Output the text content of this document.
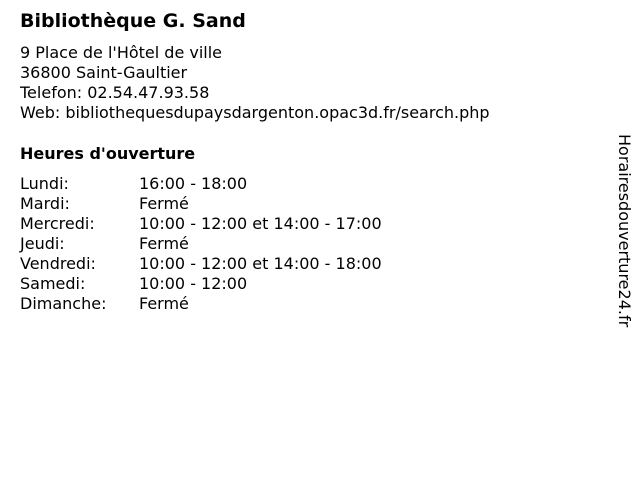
Bibliothèque G. Sand
9 Place de l'Hôtel de ville
36800 Saint-Gaultier
Telefon: 02.54.47.93.58
Web: bibliothequesdupaysdargenton.opac3d.fr/search.php
Heures d'ouverture
Lundi:	16:00 - 18:00
Mardi:	Fermé
Mercredi:	10:00 - 12:00 et 14:00 - 17:00
Jeudi:	Fermé
Vendredi:	10:00 - 12:00 et 14:00 - 18:00
Samedi:	10:00 - 12:00
Dimanche:	Fermé	Horairesdouverture24.fr
